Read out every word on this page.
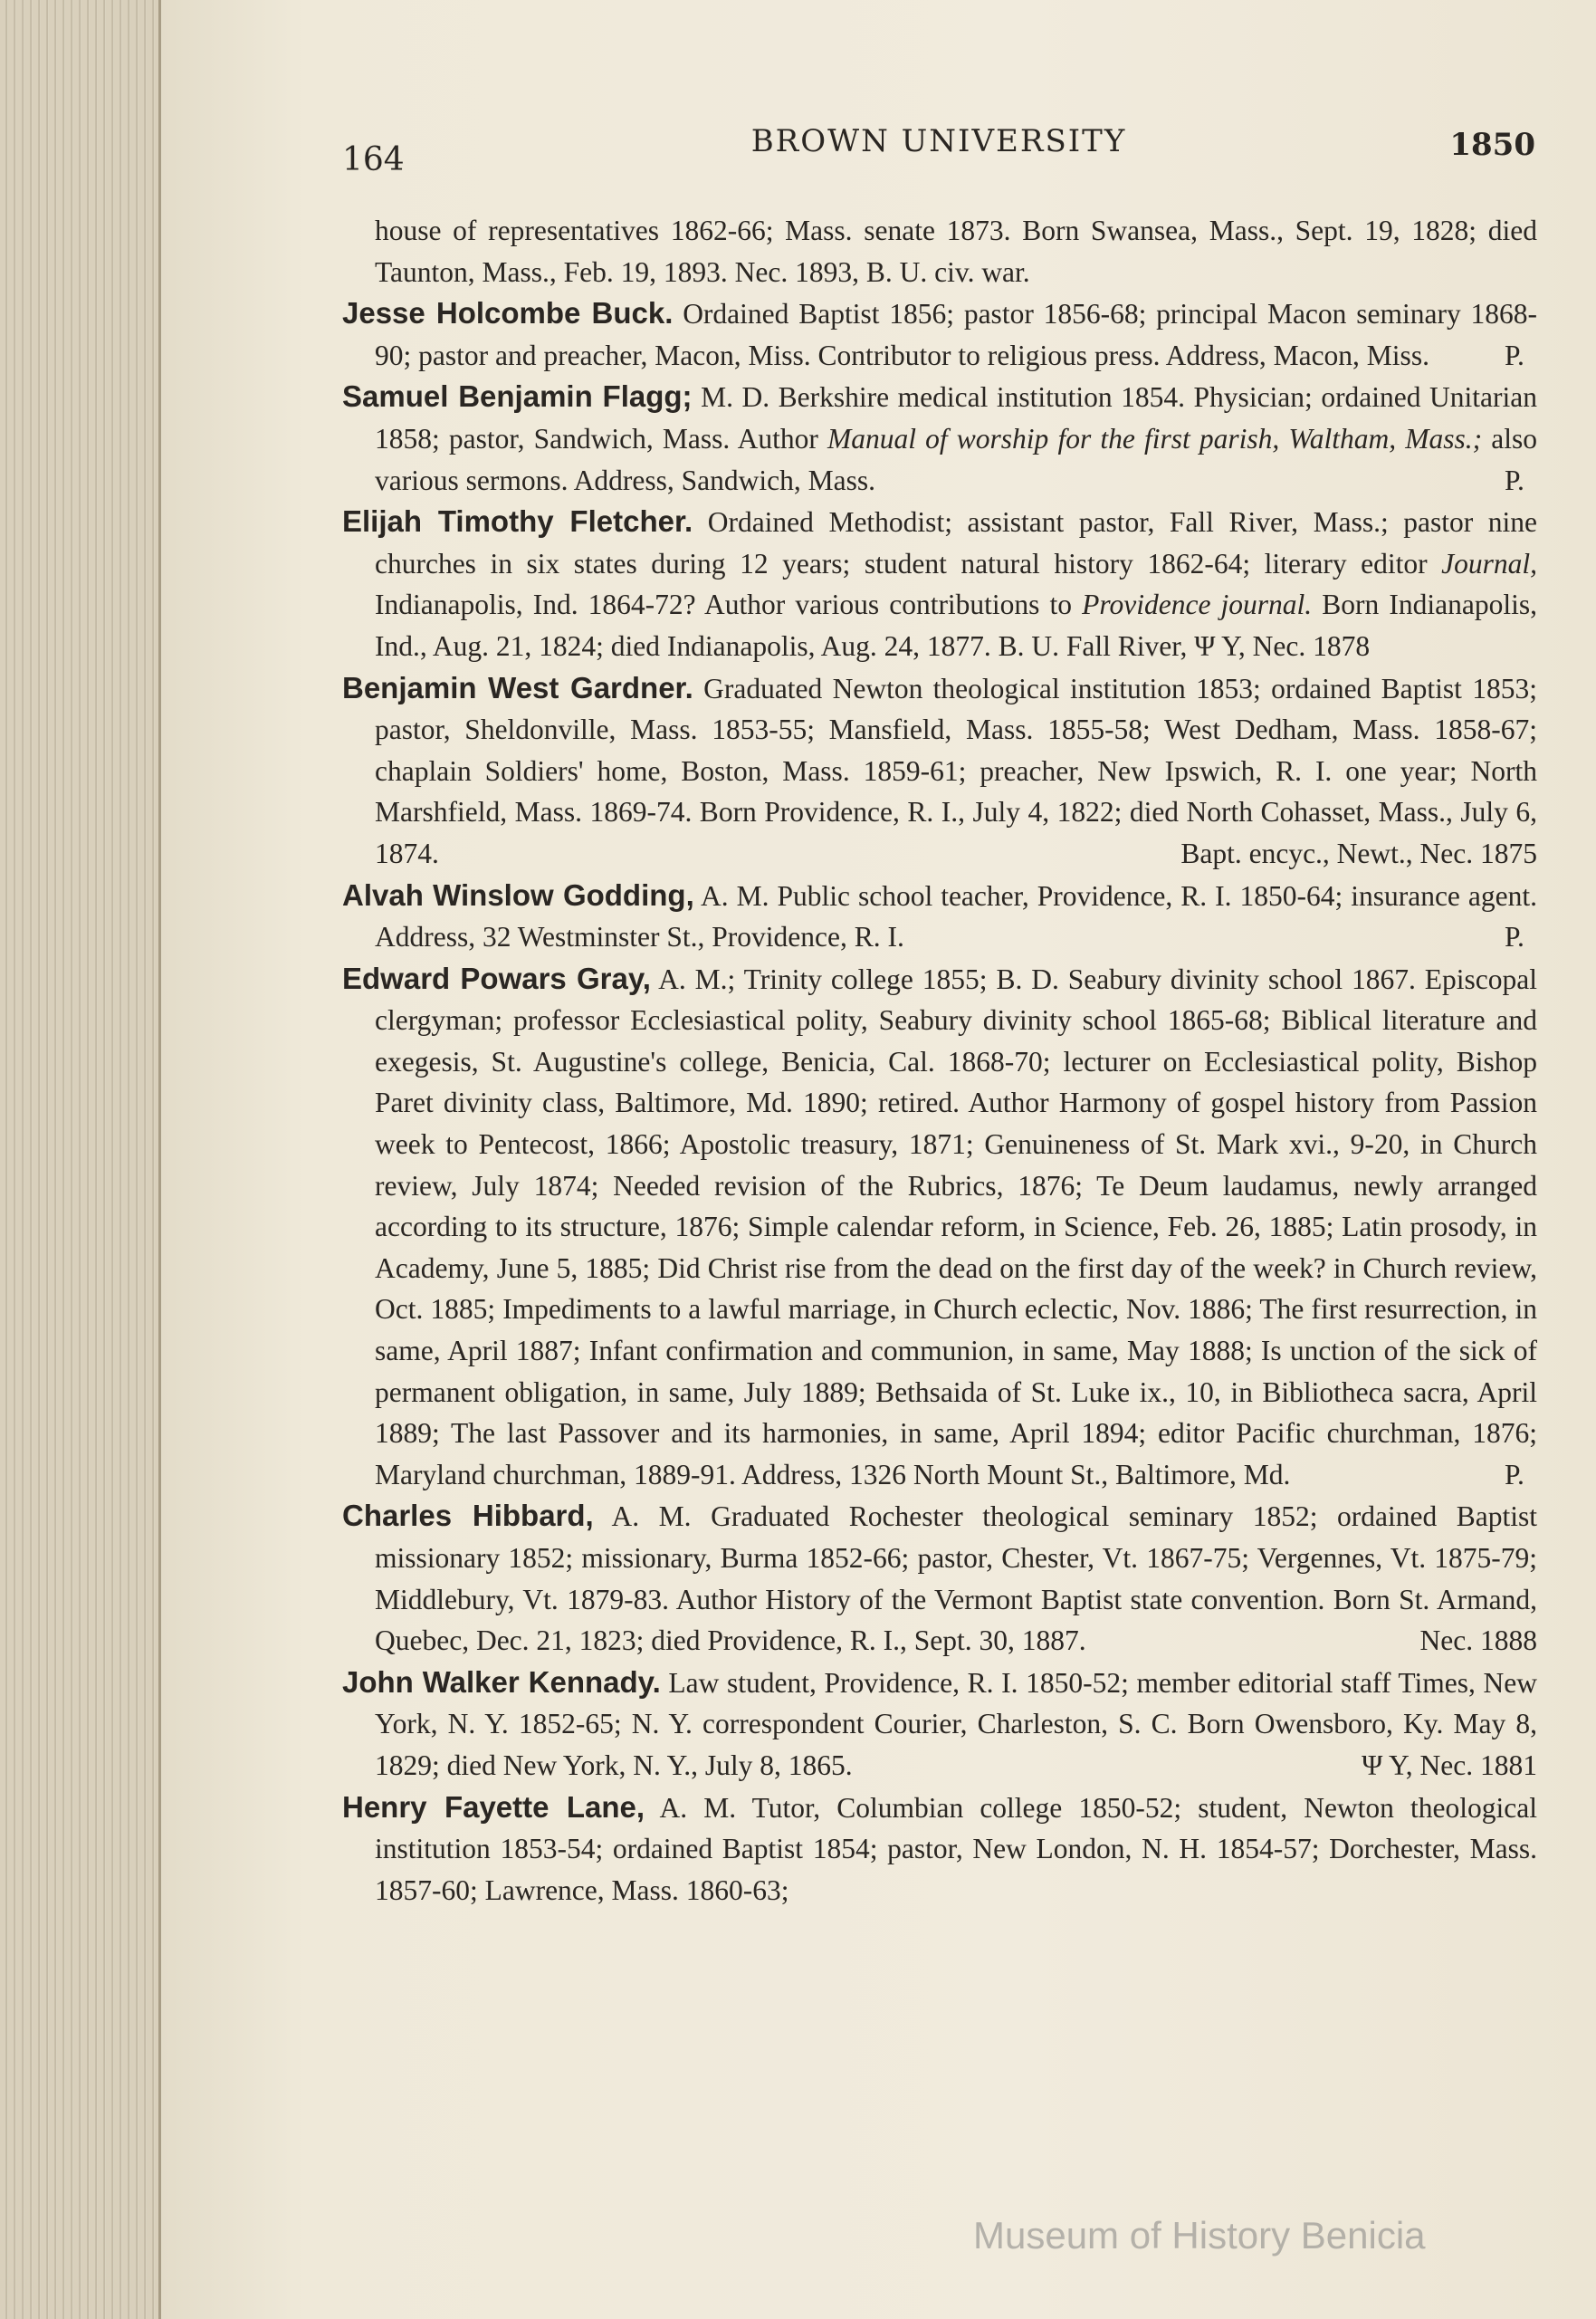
164	BROWN UNIVERSITY	1850

house of representatives 1862-66; Mass. senate 1873. Born Swansea, Mass., Sept. 19, 1828; died Taunton, Mass., Feb. 19, 1893. Nec. 1893, B. U. civ. war.

Jesse Holcombe Buck. Ordained Baptist 1856; pastor 1856-68; principal Macon seminary 1868-90; pastor and preacher, Macon, Miss. Contributor to religious press. Address, Macon, Miss.	P.

Samuel Benjamin Flagg; M. D. Berkshire medical institution 1854. Physician; ordained Unitarian 1858; pastor, Sandwich, Mass. Author Manual of worship for the first parish, Waltham, Mass.; also various sermons. Address, Sandwich, Mass.	P.

Elijah Timothy Fletcher. Ordained Methodist; assistant pastor, Fall River, Mass.; pastor nine churches in six states during 12 years; student natural history 1862-64; literary editor Journal, Indianapolis, Ind. 1864-72? Author various contributions to Providence journal. Born Indianapolis, Ind., Aug. 21, 1824; died Indianapolis, Aug. 24, 1877. B. U. Fall River, Ψ Υ, Nec. 1878

Benjamin West Gardner. Graduated Newton theological institution 1853; ordained Baptist 1853; pastor, Sheldonville, Mass. 1853-55; Mansfield, Mass. 1855-58; West Dedham, Mass. 1858-67; chaplain Soldiers' home, Boston, Mass. 1859-61; preacher, New Ipswich, R. I. one year; North Marshfield, Mass. 1869-74. Born Providence, R. I., July 4, 1822; died North Cohasset, Mass., July 6, 1874.	Bapt. encyc., Newt., Nec. 1875

Alvah Winslow Godding, A. M. Public school teacher, Providence, R. I. 1850-64; insurance agent. Address, 32 Westminster St., Providence, R. I.	P.

Edward Powars Gray, A. M.; Trinity college 1855; B. D. Seabury divinity school 1867. Episcopal clergyman; professor Ecclesiastical polity, Seabury divinity school 1865-68; Biblical literature and exegesis, St. Augustine's college, Benicia, Cal. 1868-70; lecturer on Ecclesiastical polity, Bishop Paret divinity class, Baltimore, Md. 1890; retired. Author Harmony of gospel history from Passion week to Pentecost, 1866; Apostolic treasury, 1871; Genuineness of St. Mark xvi., 9-20, in Church review, July 1874; Needed revision of the Rubrics, 1876; Te Deum laudamus, newly arranged according to its structure, 1876; Simple calendar reform, in Science, Feb. 26, 1885; Latin prosody, in Academy, June 5, 1885; Did Christ rise from the dead on the first day of the week? in Church review, Oct. 1885; Impediments to a lawful marriage, in Church eclectic, Nov. 1886; The first resurrection, in same, April 1887; Infant confirmation and communion, in same, May 1888; Is unction of the sick of permanent obligation, in same, July 1889; Bethsaida of St. Luke ix., 10, in Bibliotheca sacra, April 1889; The last Passover and its harmonies, in same, April 1894; editor Pacific churchman, 1876; Maryland churchman, 1889-91. Address, 1326 North Mount St., Baltimore, Md.	P.

Charles Hibbard, A. M. Graduated Rochester theological seminary 1852; ordained Baptist missionary 1852; missionary, Burma 1852-66; pastor, Chester, Vt. 1867-75; Vergennes, Vt. 1875-79; Middlebury, Vt. 1879-83. Author History of the Vermont Baptist state convention. Born St. Armand, Quebec, Dec. 21, 1823; died Providence, R. I., Sept. 30, 1887.	Nec. 1888

John Walker Kennady. Law student, Providence, R. I. 1850-52; member editorial staff Times, New York, N. Y. 1852-65; N. Y. correspondent Courier, Charleston, S. C. Born Owensboro, Ky. May 8, 1829; died New York, N. Y., July 8, 1865.	Ψ Υ, Nec. 1881

Henry Fayette Lane, A. M. Tutor, Columbian college 1850-52; student, Newton theological institution 1853-54; ordained Baptist 1854; pastor, New London, N. H. 1854-57; Dorchester, Mass. 1857-60; Lawrence, Mass. 1860-63;

Museum of History Benicia
